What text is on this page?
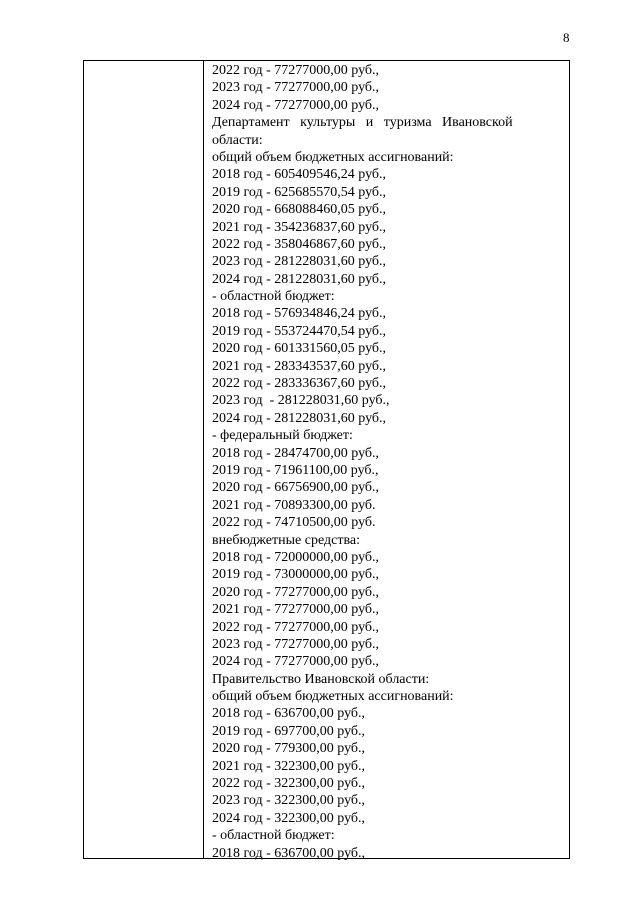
8
2022 год - 77277000,00 руб.,
2023 год - 77277000,00 руб.,
2024 год - 77277000,00 руб.,
Департамент   культуры   и   туризма   Ивановской
области:
общий объем бюджетных ассигнований:
2018 год - 605409546,24 руб.,
2019 год - 625685570,54 руб.,
2020 год - 668088460,05 руб.,
2021 год - 354236837,60 руб.,
2022 год - 358046867,60 руб.,
2023 год - 281228031,60 руб.,
2024 год - 281228031,60 руб.,
- областной бюджет:
2018 год - 576934846,24 руб.,
2019 год - 553724470,54 руб.,
2020 год - 601331560,05 руб.,
2021 год - 283343537,60 руб.,
2022 год - 283336367,60 руб.,
2023 год  - 281228031,60 руб.,
2024 год - 281228031,60 руб.,
- федеральный бюджет:
2018 год - 28474700,00 руб.,
2019 год - 71961100,00 руб.,
2020 год - 66756900,00 руб.,
2021 год - 70893300,00 руб.
2022 год - 74710500,00 руб.
внебюджетные средства:
2018 год - 72000000,00 руб.,
2019 год - 73000000,00 руб.,
2020 год - 77277000,00 руб.,
2021 год - 77277000,00 руб.,
2022 год - 77277000,00 руб.,
2023 год - 77277000,00 руб.,
2024 год - 77277000,00 руб.,
Правительство Ивановской области:
общий объем бюджетных ассигнований:
2018 год - 636700,00 руб.,
2019 год - 697700,00 руб.,
2020 год - 779300,00 руб.,
2021 год - 322300,00 руб.,
2022 год - 322300,00 руб.,
2023 год - 322300,00 руб.,
2024 год - 322300,00 руб.,
- областной бюджет:
2018 год - 636700,00 руб.,
